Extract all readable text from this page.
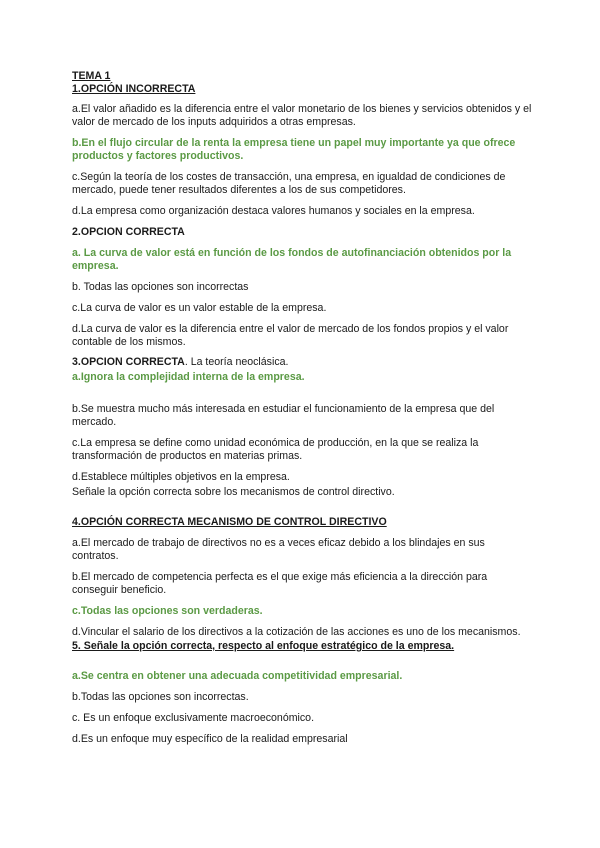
TEMA 1

1.OPCIÓN INCORRECTA

a.El valor añadido es la diferencia entre el valor monetario de los bienes y servicios obtenidos y el valor de mercado de los inputs adquiridos a otras empresas.

b.En el flujo circular de la renta la empresa tiene un papel muy importante ya que ofrece productos y factores productivos.

c.Según la teoría de los costes de transacción, una empresa, en igualdad de condiciones de mercado, puede tener resultados diferentes a los de sus competidores.

d.La empresa como organización destaca valores humanos y sociales en la empresa.

2.OPCION CORRECTA

a. La curva de valor está en función de los fondos de autofinanciación obtenidos por la empresa.

b. Todas las opciones son incorrectas

c.La curva de valor es un valor estable de la empresa.

d.La curva de valor es la diferencia entre el valor de mercado de los fondos propios y el valor contable de los mismos.

3.OPCION CORRECTA. La teoría neoclásica.

a.Ignora la complejidad interna de la empresa.

b.Se muestra mucho más interesada en estudiar el funcionamiento de la empresa que del mercado.

c.La empresa se define como unidad económica de producción, en la que se realiza la transformación de productos en materias primas.

d.Establece múltiples objetivos en la empresa.

Señale la opción correcta sobre los mecanismos de control directivo.

4.OPCIÓN CORRECTA MECANISMO DE CONTROL DIRECTIVO

a.El mercado de trabajo de directivos no es a veces eficaz debido a los blindajes en sus contratos.

b.El mercado de competencia perfecta es el que exige más eficiencia a la dirección para conseguir beneficio.

c.Todas las opciones son verdaderas.

d.Vincular el salario de los directivos a la cotización de las acciones es uno de los mecanismos.

5. Señale la opción correcta, respecto al enfoque estratégico de la empresa.

a.Se centra en obtener una adecuada competitividad empresarial.

b.Todas las opciones son incorrectas.

c. Es un enfoque exclusivamente macroeconómico.

d.Es un enfoque muy específico de la realidad empresarial
